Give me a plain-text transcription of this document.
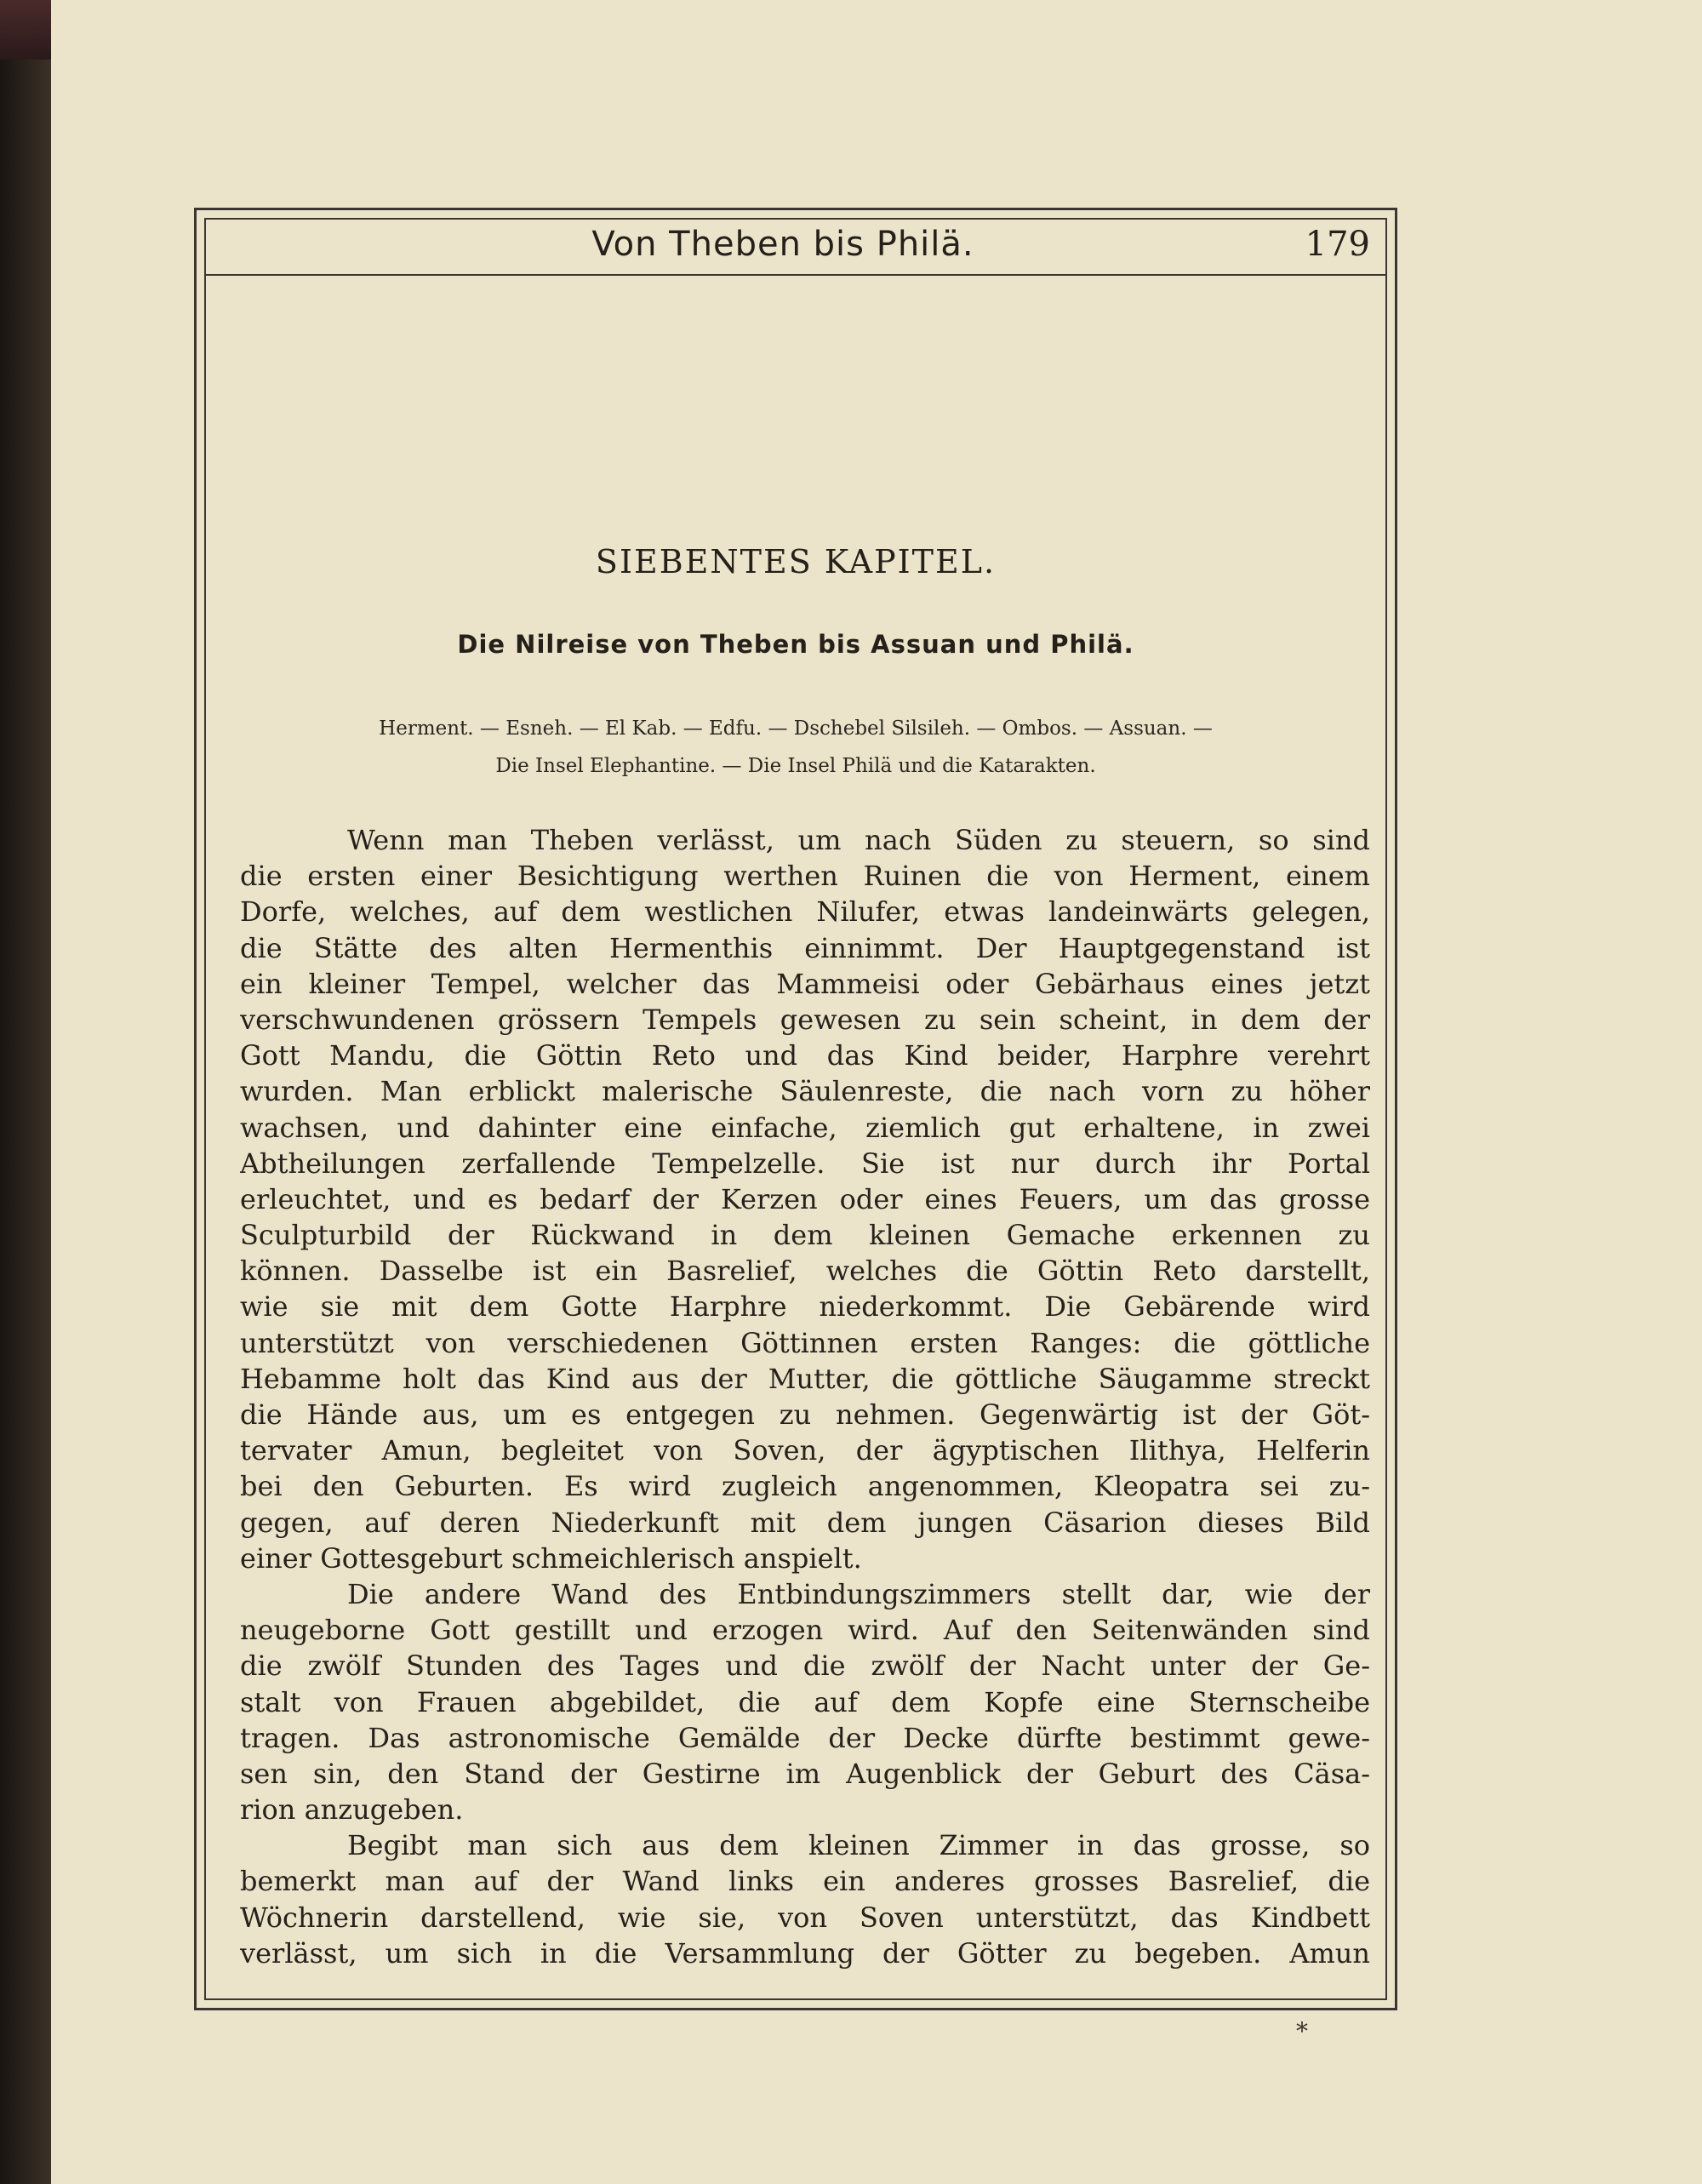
Von Theben bis Philä.	179
SIEBENTES KAPITEL.
Die Nilreise von Theben bis Assuan und Philä.
Herment. — Esneh. — El Kab. — Edfu. — Dschebel Silsileh. — Ombos. — Assuan. —
Die Insel Elephantine. — Die Insel Philä und die Katarakten.
Wenn man Theben verlässt, um nach Süden zu steuern, so sind
die ersten einer Besichtigung werthen Ruinen die von Herment, einem
Dorfe, welches, auf dem westlichen Nilufer, etwas landeinwärts gelegen,
die Stätte des alten Hermenthis einnimmt. Der Hauptgegenstand ist
ein kleiner Tempel, welcher das Mammeisi oder Gebärhaus eines jetzt
verschwundenen grössern Tempels gewesen zu sein scheint, in dem der
Gott Mandu, die Göttin Reto und das Kind beider, Harphre verehrt
wurden. Man erblickt malerische Säulenreste, die nach vorn zu höher
wachsen, und dahinter eine einfache, ziemlich gut erhaltene, in zwei
Abtheilungen zerfallende Tempelzelle. Sie ist nur durch ihr Portal
erleuchtet, und es bedarf der Kerzen oder eines Feuers, um das grosse
Sculpturbild der Rückwand in dem kleinen Gemache erkennen zu
können. Dasselbe ist ein Basrelief, welches die Göttin Reto darstellt,
wie sie mit dem Gotte Harphre niederkommt. Die Gebärende wird
unterstützt von verschiedenen Göttinnen ersten Ranges: die göttliche
Hebamme holt das Kind aus der Mutter, die göttliche Säugamme streckt
die Hände aus, um es entgegen zu nehmen. Gegenwärtig ist der Göt-
tervater Amun, begleitet von Soven, der ägyptischen Ilithya, Helferin
bei den Geburten. Es wird zugleich angenommen, Kleopatra sei zu-
gegen, auf deren Niederkunft mit dem jungen Cäsarion dieses Bild
einer Gottesgeburt schmeichlerisch anspielt.
Die andere Wand des Entbindungszimmers stellt dar, wie der
neugeborne Gott gestillt und erzogen wird. Auf den Seitenwänden sind
die zwölf Stunden des Tages und die zwölf der Nacht unter der Ge-
stalt von Frauen abgebildet, die auf dem Kopfe eine Sternscheibe
tragen. Das astronomische Gemälde der Decke dürfte bestimmt gewe-
sen sin, den Stand der Gestirne im Augenblick der Geburt des Cäsa-
rion anzugeben.
Begibt man sich aus dem kleinen Zimmer in das grosse, so
bemerkt man auf der Wand links ein anderes grosses Basrelief, die
Wöchnerin darstellend, wie sie, von Soven unterstützt, das Kindbett
verlässt, um sich in die Versammlung der Götter zu begeben. Amun
*
